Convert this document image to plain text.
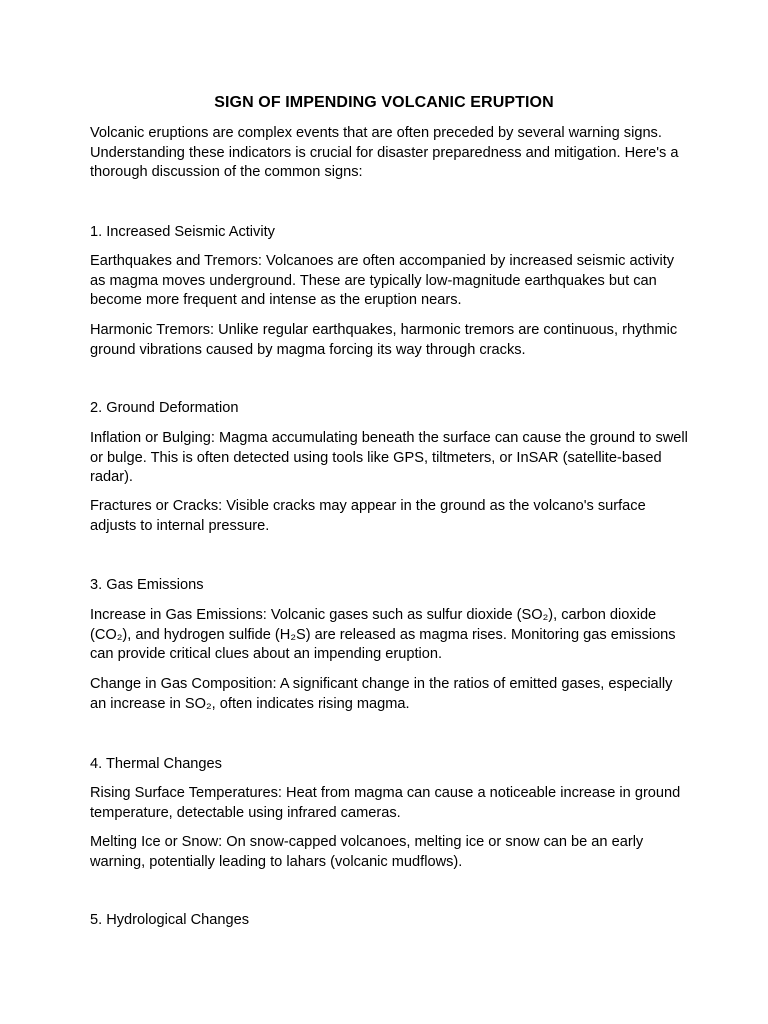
SIGN OF IMPENDING VOLCANIC ERUPTION

Volcanic eruptions are complex events that are often preceded by several warning signs. Understanding these indicators is crucial for disaster preparedness and mitigation. Here's a thorough discussion of the common signs:

1. Increased Seismic Activity

Earthquakes and Tremors: Volcanoes are often accompanied by increased seismic activity as magma moves underground. These are typically low-magnitude earthquakes but can become more frequent and intense as the eruption nears.

Harmonic Tremors: Unlike regular earthquakes, harmonic tremors are continuous, rhythmic ground vibrations caused by magma forcing its way through cracks.

2. Ground Deformation

Inflation or Bulging: Magma accumulating beneath the surface can cause the ground to swell or bulge. This is often detected using tools like GPS, tiltmeters, or InSAR (satellite-based radar).

Fractures or Cracks: Visible cracks may appear in the ground as the volcano's surface adjusts to internal pressure.

3. Gas Emissions

Increase in Gas Emissions: Volcanic gases such as sulfur dioxide (SO₂), carbon dioxide (CO₂), and hydrogen sulfide (H₂S) are released as magma rises. Monitoring gas emissions can provide critical clues about an impending eruption.

Change in Gas Composition: A significant change in the ratios of emitted gases, especially an increase in SO₂, often indicates rising magma.

4. Thermal Changes

Rising Surface Temperatures: Heat from magma can cause a noticeable increase in ground temperature, detectable using infrared cameras.

Melting Ice or Snow: On snow-capped volcanoes, melting ice or snow can be an early warning, potentially leading to lahars (volcanic mudflows).

5. Hydrological Changes
